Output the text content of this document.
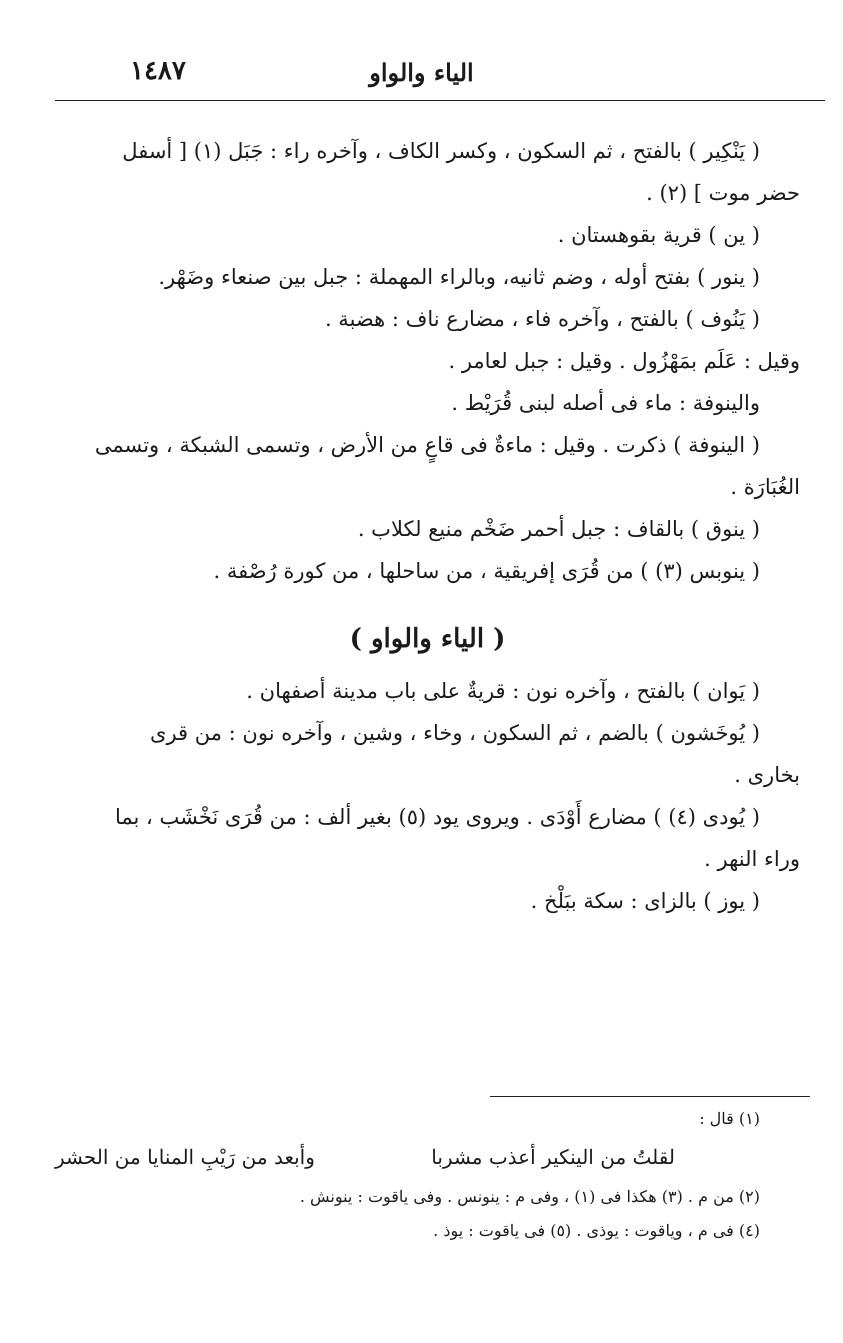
الياء والواو
١٤٨٧

( يَنْكِير ) بالفتح ، ثم السكون ، وكسر الكاف ، وآخره راء : جَبَل (١) [ أسفل
حضر موت ] (٢) .

( ين ) قرية بقوهستان .

( ينور ) بفتح أوله ، وضم ثانيه، وبالراء المهملة : جبل بين صنعاء وضَهْر.

( يَنُوف ) بالفتح ، وآخره فاء ، مضارع ناف : هضبة .

وقيل : عَلَم بمَهْزُول . وقيل : جبل لعامر .

والينوفة : ماء فى أصله لبنى قُرَيْط .

( الينوفة ) ذكرت . وقيل : ماءةٌ فى قاعٍ من الأرض ، وتسمى الشبكة ، وتسمى
الغُبَارَة .

( ينوق ) بالقاف : جبل أحمر ضَخْم منيع لكلاب .

( ينوبس (٣) ) من قُرَى إفريقية ، من ساحلها ، من كورة رُصْفة .

( الياء والواو )

( يَوان ) بالفتح ، وآخره نون : قريةٌ على باب مدينة أصفهان .

( يُوخَشون ) بالضم ، ثم السكون ، وخاء ، وشين ، وآخره نون : من قرى
بخارى .

( يُودى (٤) ) مضارع أَوْدَى . ويروى يود (٥) بغير ألف : من قُرَى نَخْشَب ، بما
وراء النهر .

( يوز ) بالزاى : سكة ببَلْخ .

(١) قال :

لقلتُ من الينكير أعذب مشربا
وأبعد من رَيْبِ المنايا من الحشر

(٢) من م . (٣) هكذا فى (١) ، وفى م : ينونس . وفى ياقوت : ينونش .

(٤) فى م ، وياقوت : يوذى . (٥) فى ياقوت : يوذ .
